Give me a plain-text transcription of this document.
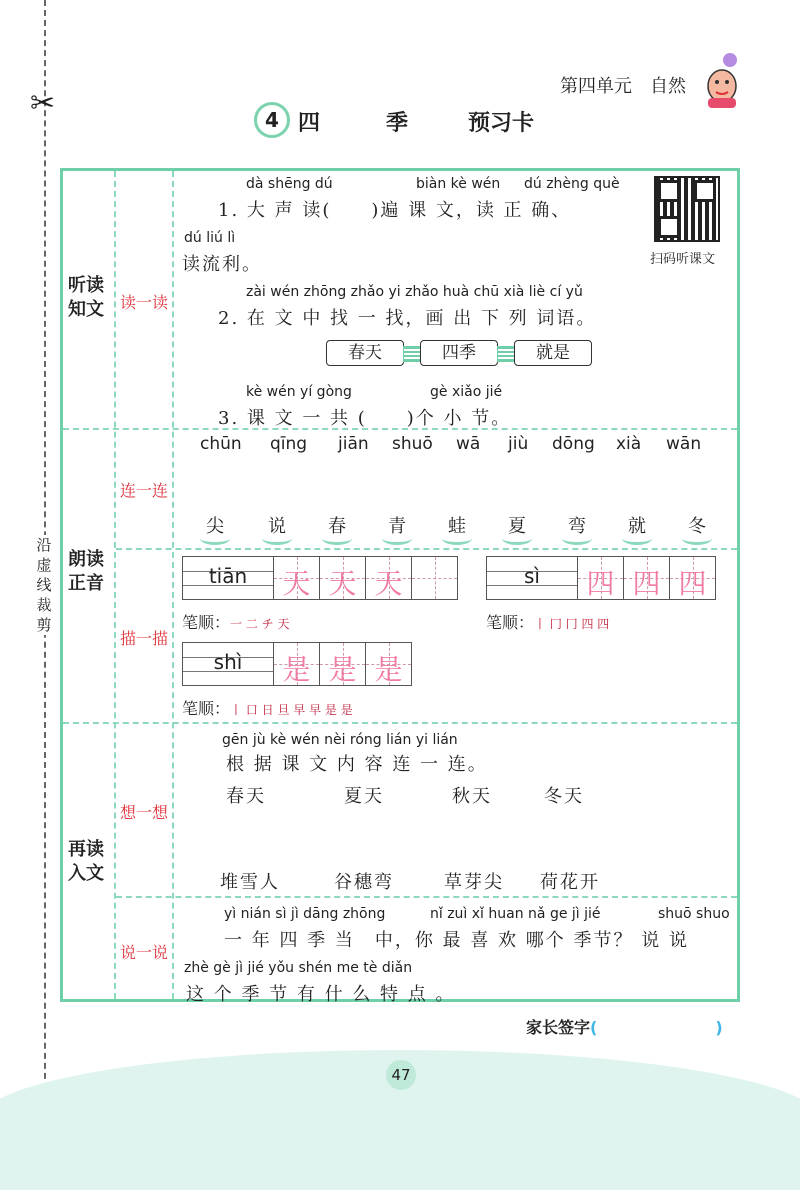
✂
沿虚线裁剪
第四单元　自然
4 四　季 预习卡
听读知文
朗读正音
再读入文
读一读
连一连
描一描
想一想
说一说
扫码听课文
dà shēng dú	biàn kè wén dú zhèng què
1. 大 声 读(　　)遍 课 文，读 正 确、
dú liú lì
读流利。
zài wén zhōng zhǎo yi zhǎo huà chū xià liè cí yǔ
2. 在 文 中 找 一 找，画 出 下 列 词语。
春天	四季	就是
kè wén yí gòng	gè xiǎo jié
3. 课 文 一 共 (　　)个 小 节。
chūn qīng jiān shuō wā jiù dōng xià wān
尖 说 春 青 蛙 夏 弯 就 冬
tiān	天 天 天
笔顺：一 二 チ 天
sì	四 四 四
笔顺：丨 冂 冂 四 四
shì	是 是 是
笔顺：丨 口 日 旦 早 早 是 是
gēn jù kè wén nèi róng lián yi lián
根 据 课 文 内 容 连 一 连。
春天	夏天	秋天	冬天
堆雪人	谷穗弯	草芽尖 荷花开
yì nián sì jì dāng zhōng	nǐ zuì xǐ huan nǎ ge jì jié	shuō shuo
一 年 四 季 当　中，你 最 喜 欢 哪个 季节？ 说 说
zhè gè jì jié yǒu shén me tè diǎn
这 个 季 节 有 什 么 特 点 。
家长签字(	)
47
